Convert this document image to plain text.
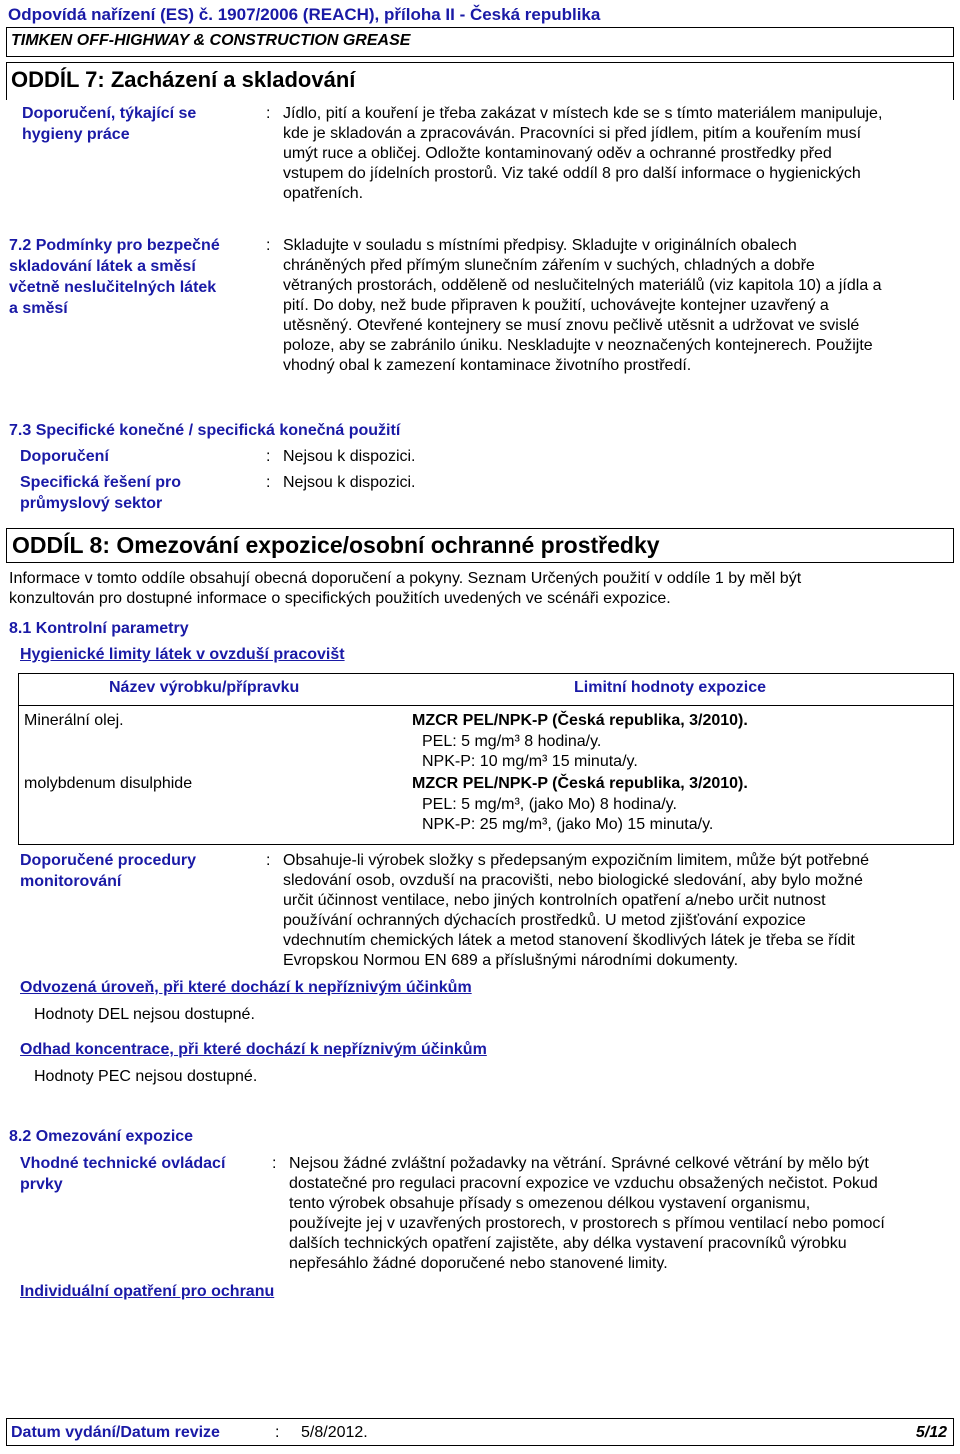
Odpovídá nařízení (ES) č. 1907/2006 (REACH), příloha II - Česká republika
TIMKEN OFF-HIGHWAY & CONSTRUCTION GREASE
ODDÍL 7: Zacházení a skladování
Doporučení, týkající se
hygieny práce
: Jídlo, pití a kouření je třeba zakázat v místech kde se s tímto materiálem manipuluje,
kde je skladován a zpracováván. Pracovníci si před jídlem, pitím a kouřením musí
umýt ruce a obličej. Odložte kontaminovaný oděv a ochranné prostředky před
vstupem do jídelních prostorů. Viz také oddíl 8 pro další informace o hygienických
opatřeních.
7.2 Podmínky pro bezpečné
skladování látek a směsí
včetně neslučitelných látek
a směsí
: Skladujte v souladu s místními předpisy. Skladujte v originálních obalech
chráněných před přímým slunečním zářením v suchých, chladných a dobře
větraných prostorách, odděleně od neslučitelných materiálů (viz kapitola 10) a jídla a
pití. Do doby, než bude připraven k použití, uchovávejte kontejner uzavřený a
utěsněný. Otevřené kontejnery se musí znovu pečlivě utěsnit a udržovat ve svislé
poloze, aby se zabránilo úniku. Neskladujte v neoznačených kontejnerech. Použijte
vhodný obal k zamezení kontaminace životního prostředí.
7.3 Specifické konečné / specifická konečná použití
Doporučení	: Nejsou k dispozici.
Specifická řešení pro
průmyslový sektor
: Nejsou k dispozici.
ODDÍL 8: Omezování expozice/osobní ochranné prostředky
Informace v tomto oddíle obsahují obecná doporučení a pokyny. Seznam Určených použití v oddíle 1 by měl být
konzultován pro dostupné informace o specifických použitích uvedených ve scénáři expozice.
8.1 Kontrolní parametry
Hygienické limity látek v ovzduší pracovišt
Název výrobku/přípravku	Limitní hodnoty expozice
Minerální olej.	MZCR PEL/NPK-P (Česká republika, 3/2010).
PEL: 5 mg/m³ 8 hodina/y.
NPK-P: 10 mg/m³ 15 minuta/y.
molybdenum disulphide	MZCR PEL/NPK-P (Česká republika, 3/2010).
PEL: 5 mg/m³, (jako Mo) 8 hodina/y.
NPK-P: 25 mg/m³, (jako Mo) 15 minuta/y.
Doporučené procedury
monitorování
: Obsahuje-li výrobek složky s předepsaným expozičním limitem, může být potřebné
sledování osob, ovzduší na pracovišti, nebo biologické sledování, aby bylo možné
určit účinnost ventilace, nebo jiných kontrolních opatření a/nebo určit nutnost
používání ochranných dýchacích prostředků. U metod zjišťování expozice
vdechnutím chemických látek a metod stanovení škodlivých látek je třeba se řídit
Evropskou Normou EN 689 a příslušnými národními dokumenty.
Odvozená úroveň, při které dochází k nepříznivým účinkům
Hodnoty DEL nejsou dostupné.
Odhad koncentrace, při které dochází k nepříznivým účinkům
Hodnoty PEC nejsou dostupné.
8.2 Omezování expozice
Vhodné technické ovládací
prvky
: Nejsou žádné zvláštní požadavky na větrání. Správné celkové větrání by mělo být
dostatečné pro regulaci pracovní expozice ve vzduchu obsažených nečistot. Pokud
tento výrobek obsahuje přísady s omezenou délkou vystavení organismu,
používejte jej v uzavřených prostorech, v prostorech s přímou ventilací nebo pomocí
dalších technických opatření zajistěte, aby délka vystavení pracovníků výrobku
nepřesáhlo žádné doporučené nebo stanovené limity.
Individuální opatření pro ochranu
Datum vydání/Datum revize	: 5/8/2012.	5/12
